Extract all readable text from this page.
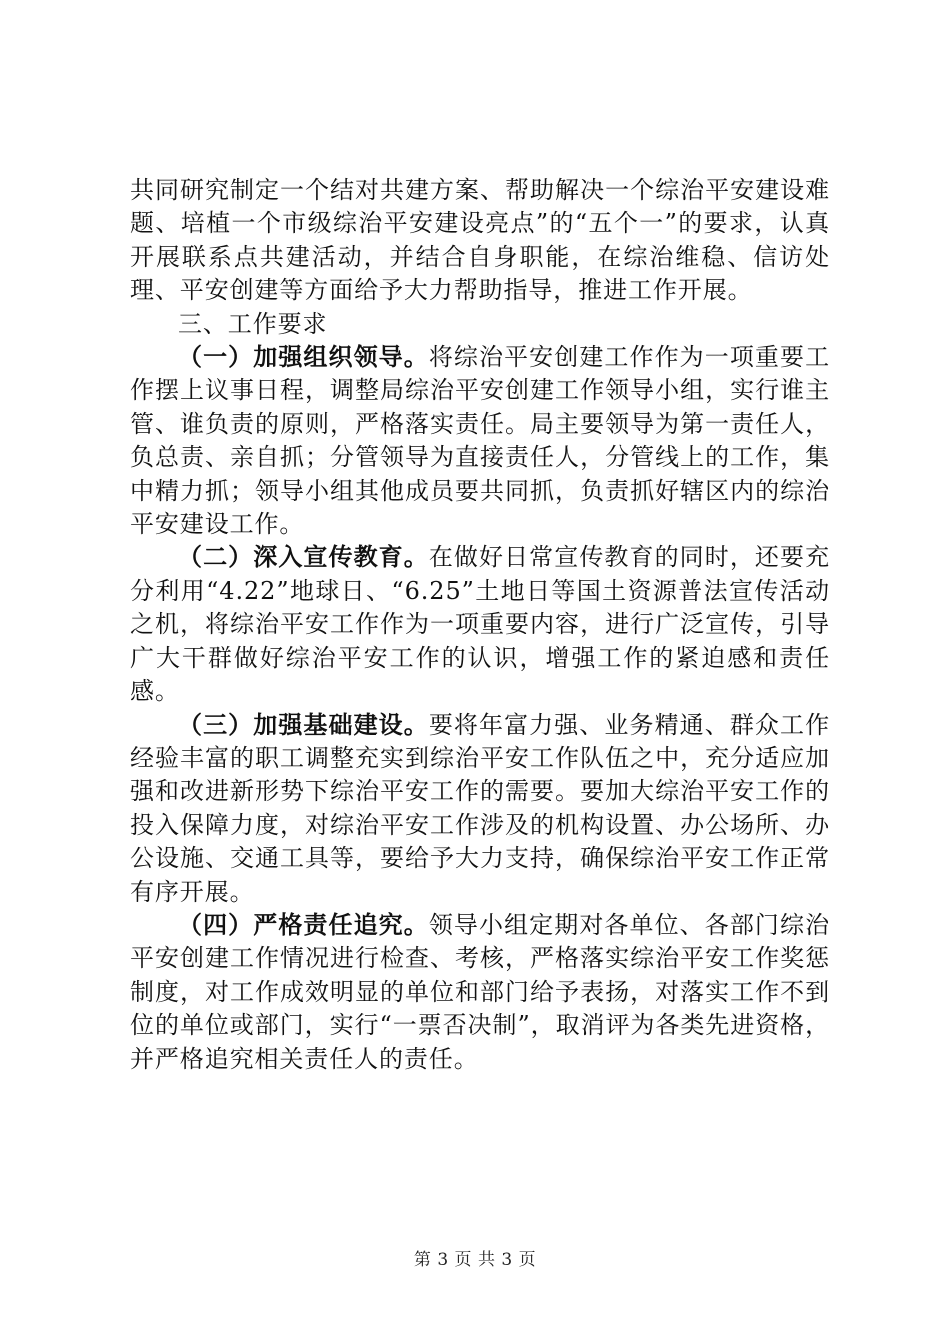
共同研究制定一个结对共建方案、帮助解决一个综治平安建设难题、培植一个市级综治平安建设亮点”的“五个一”的要求，认真开展联系点共建活动，并结合自身职能，在综治维稳、信访处理、平安创建等方面给予大力帮助指导，推进工作开展。

三、工作要求

（一）加强组织领导。将综治平安创建工作作为一项重要工作摆上议事日程，调整局综治平安创建工作领导小组，实行谁主管、谁负责的原则，严格落实责任。局主要领导为第一责任人，负总责、亲自抓；分管领导为直接责任人，分管线上的工作，集中精力抓；领导小组其他成员要共同抓，负责抓好辖区内的综治平安建设工作。

（二）深入宣传教育。在做好日常宣传教育的同时，还要充分利用“4.22”地球日、“6.25”土地日等国土资源普法宣传活动之机，将综治平安工作作为一项重要内容，进行广泛宣传，引导广大干群做好综治平安工作的认识，增强工作的紧迫感和责任感。

（三）加强基础建设。要将年富力强、业务精通、群众工作经验丰富的职工调整充实到综治平安工作队伍之中，充分适应加强和改进新形势下综治平安工作的需要。要加大综治平安工作的投入保障力度，对综治平安工作涉及的机构设置、办公场所、办公设施、交通工具等，要给予大力支持，确保综治平安工作正常有序开展。

（四）严格责任追究。领导小组定期对各单位、各部门综治平安创建工作情况进行检查、考核，严格落实综治平安工作奖惩制度，对工作成效明显的单位和部门给予表扬，对落实工作不到位的单位或部门，实行“一票否决制”，取消评为各类先进资格，并严格追究相关责任人的责任。

第 3 页 共 3 页
